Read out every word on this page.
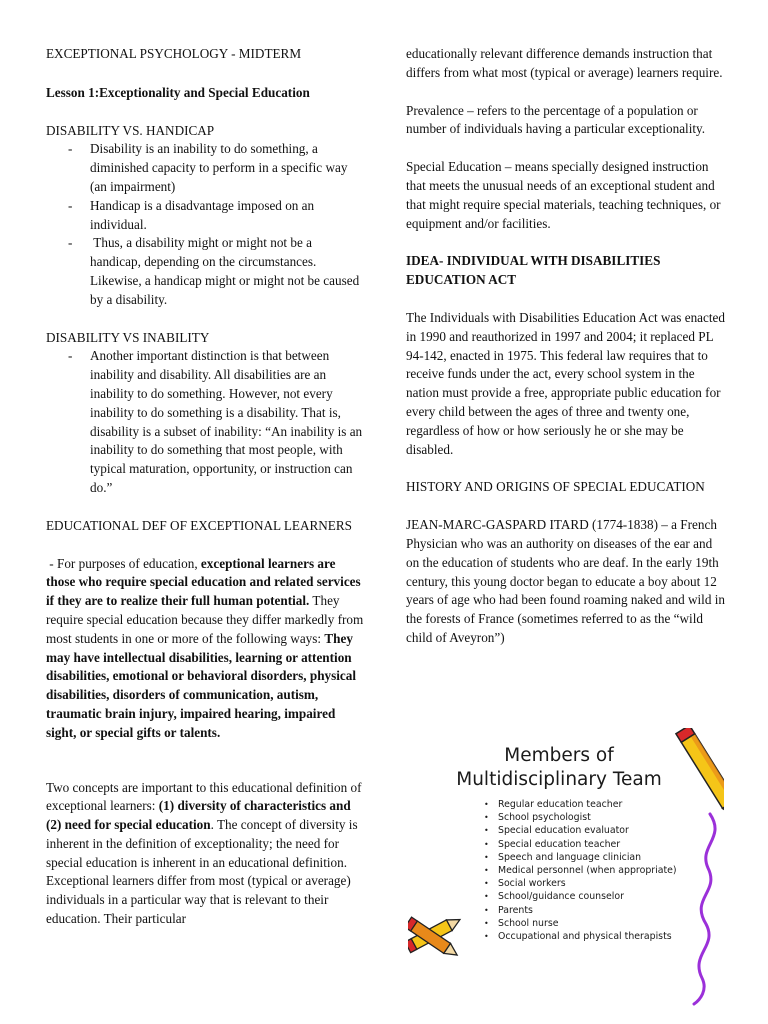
EXCEPTIONAL PSYCHOLOGY - MIDTERM

Lesson 1:Exceptionality and Special Education

DISABILITY VS. HANDICAP

- Disability is an inability to do something, a diminished capacity to perform in a specific way (an impairment)
- Handicap is a disadvantage imposed on an individual.
- Thus, a disability might or might not be a handicap, depending on the circumstances. Likewise, a handicap might or might not be caused by a disability.

DISABILITY VS INABILITY

- Another important distinction is that between inability and disability. All disabilities are an inability to do something. However, not every inability to do something is a disability. That is, disability is a subset of inability: “An inability is an inability to do something that most people, with typical maturation, opportunity, or instruction can do.”

EDUCATIONAL DEF OF EXCEPTIONAL LEARNERS

- For purposes of education, exceptional learners are those who require special education and related services if they are to realize their full human potential. They require special education because they differ markedly from most students in one or more of the following ways: They may have intellectual disabilities, learning or attention disabilities, emotional or behavioral disorders, physical disabilities, disorders of communication, autism, traumatic brain injury, impaired hearing, impaired sight, or special gifts or talents.

Two concepts are important to this educational definition of exceptional learners: (1) diversity of characteristics and (2) need for special education. The concept of diversity is inherent in the definition of exceptionality; the need for special education is inherent in an educational definition. Exceptional learners differ from most (typical or average) individuals in a particular way that is relevant to their education. Their particular

educationally relevant difference demands instruction that differs from what most (typical or average) learners require.

Prevalence – refers to the percentage of a population or number of individuals having a particular exceptionality.

Special Education – means specially designed instruction that meets the unusual needs of an exceptional student and that might require special materials, teaching techniques, or equipment and/or facilities.

IDEA- INDIVIDUAL WITH DISABILITIES EDUCATION ACT

The Individuals with Disabilities Education Act was enacted in 1990 and reauthorized in 1997 and 2004; it replaced PL 94-142, enacted in 1975. This federal law requires that to receive funds under the act, every school system in the nation must provide a free, appropriate public education for every child between the ages of three and twenty one, regardless of how or how seriously he or she may be disabled.

HISTORY AND ORIGINS OF SPECIAL EDUCATION

JEAN-MARC-GASPARD ITARD (1774-1838) – a French Physician who was an authority on diseases of the ear and on the education of students who are deaf. In the early 19th century, this young doctor began to educate a boy about 12 years of age who had been found roaming naked and wild in the forests of France (sometimes referred to as the “wild child of Aveyron”)

Members of Multidisciplinary Team
• Regular education teacher
• School psychologist
• Special education evaluator
• Special education teacher
• Speech and language clinician
• Medical personnel (when appropriate)
• Social workers
• School/guidance counselor
• Parents
• School nurse
• Occupational and physical therapists
